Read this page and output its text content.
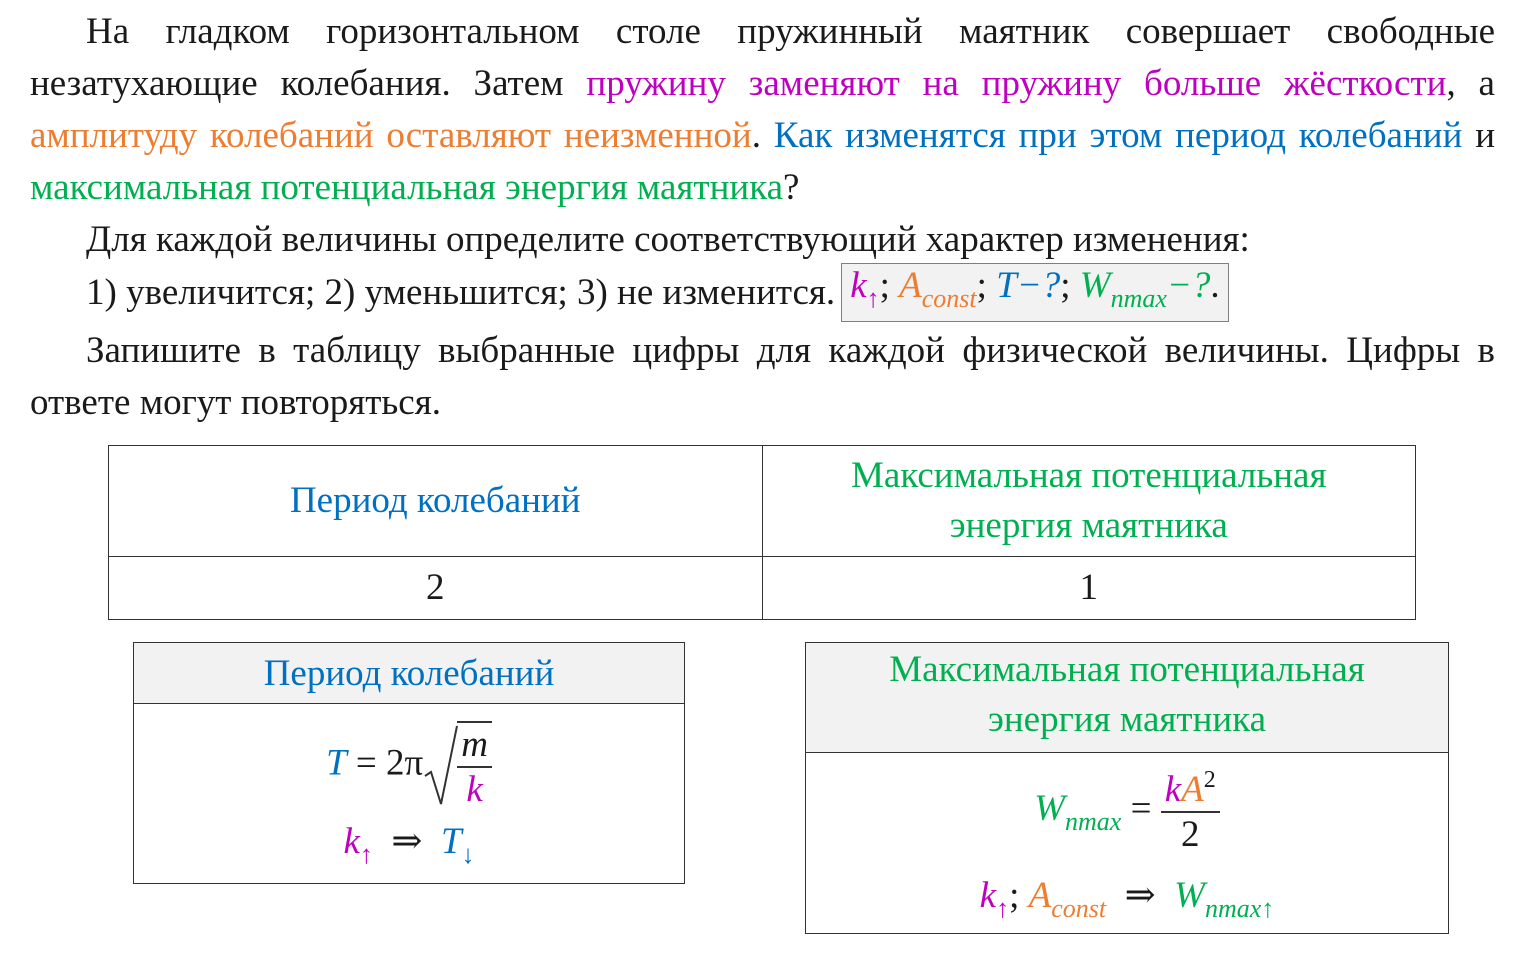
На гладком горизонтальном столе пружинный маятник совершает свободные незатухающие колебания. Затем пружину заменяют на пружину больше жёсткости, а амплитуду колебаний оставляют неизменной. Как изменятся при этом период колебаний и максимальная потенциальная энергия маятника?

Для каждой величины определите соответствующий характер изменения:

1) увеличится; 2) уменьшится; 3) не изменится. $k_↑$; $A_{const}$; T−?; $W_{пmax}-$?.

Запишите в таблицу выбранные цифры для каждой физической величины. Цифры в ответе могут повторяться.

Период колебаний	Максимальная потенциальная
энергия маятника
2	1
Период колебаний
$T = 2\pi \frac{m}{k}$
$k_↑$ ⇒ $T_↓$
Максимальная потенциальная
энергия маятника
$W_{пmax} = \frac{kA^2}{2}$
$k_↑$; $A_{const}$ ⇒ $W_{пmax↑}$
